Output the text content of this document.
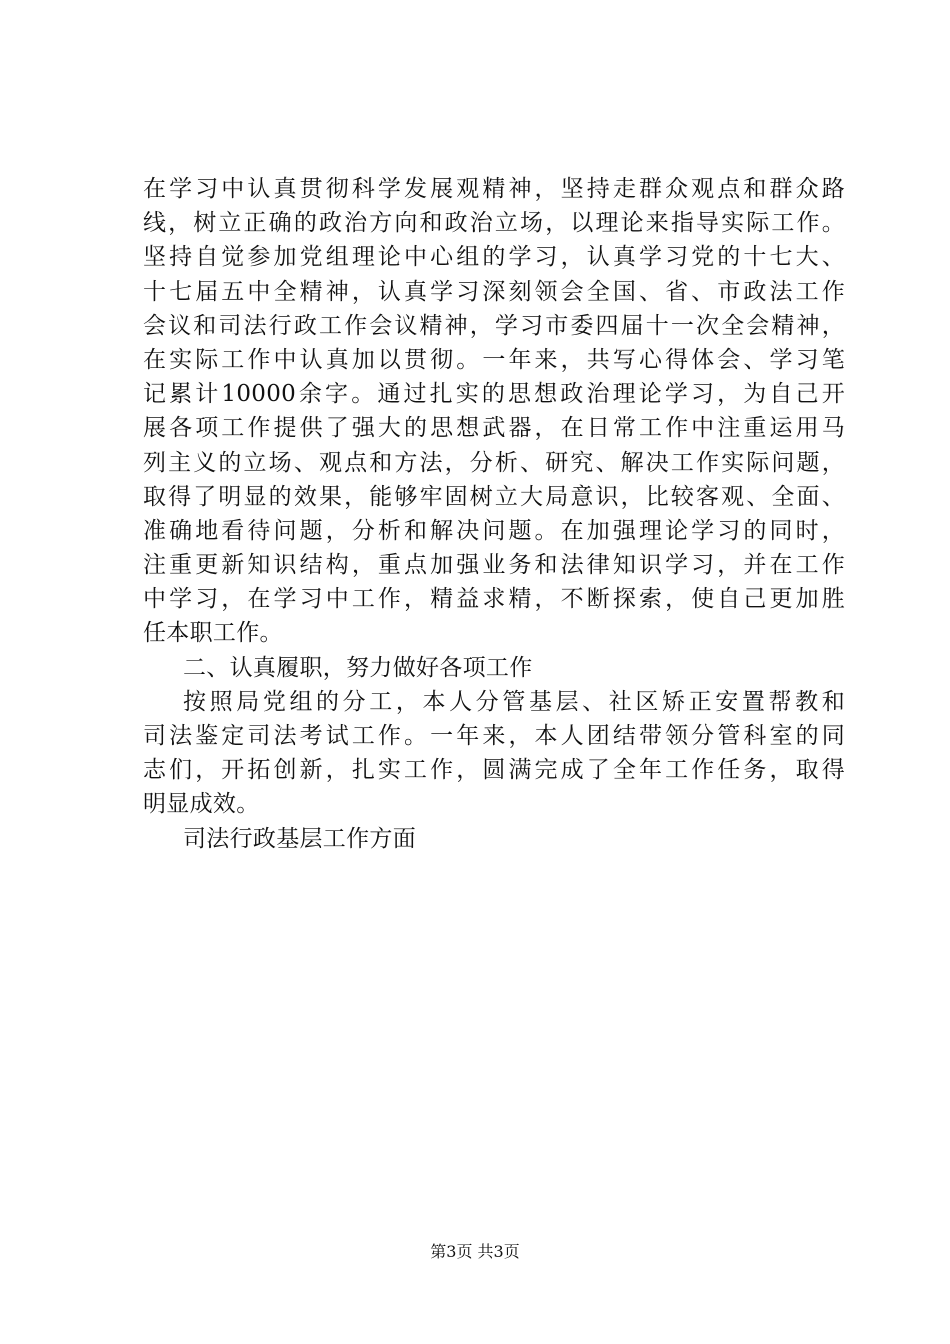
在学习中认真贯彻科学发展观精神，坚持走群众观点和群众路
线，树立正确的政治方向和政治立场，以理论来指导实际工作。
坚持自觉参加党组理论中心组的学习，认真学习党的十七大、
十七届五中全精神，认真学习深刻领会全国、省、市政法工作
会议和司法行政工作会议精神，学习市委四届十一次全会精神，
在实际工作中认真加以贯彻。一年来，共写心得体会、学习笔
记累计10000余字。通过扎实的思想政治理论学习，为自己开
展各项工作提供了强大的思想武器，在日常工作中注重运用马
列主义的立场、观点和方法，分析、研究、解决工作实际问题，
取得了明显的效果，能够牢固树立大局意识，比较客观、全面、
准确地看待问题，分析和解决问题。在加强理论学习的同时，
注重更新知识结构，重点加强业务和法律知识学习，并在工作
中学习，在学习中工作，精益求精，不断探索，使自己更加胜
任本职工作。
二、认真履职，努力做好各项工作
按照局党组的分工，本人分管基层、社区矫正安置帮教和
司法鉴定司法考试工作。一年来，本人团结带领分管科室的同
志们，开拓创新，扎实工作，圆满完成了全年工作任务，取得
明显成效。
司法行政基层工作方面
第3页 共3页
